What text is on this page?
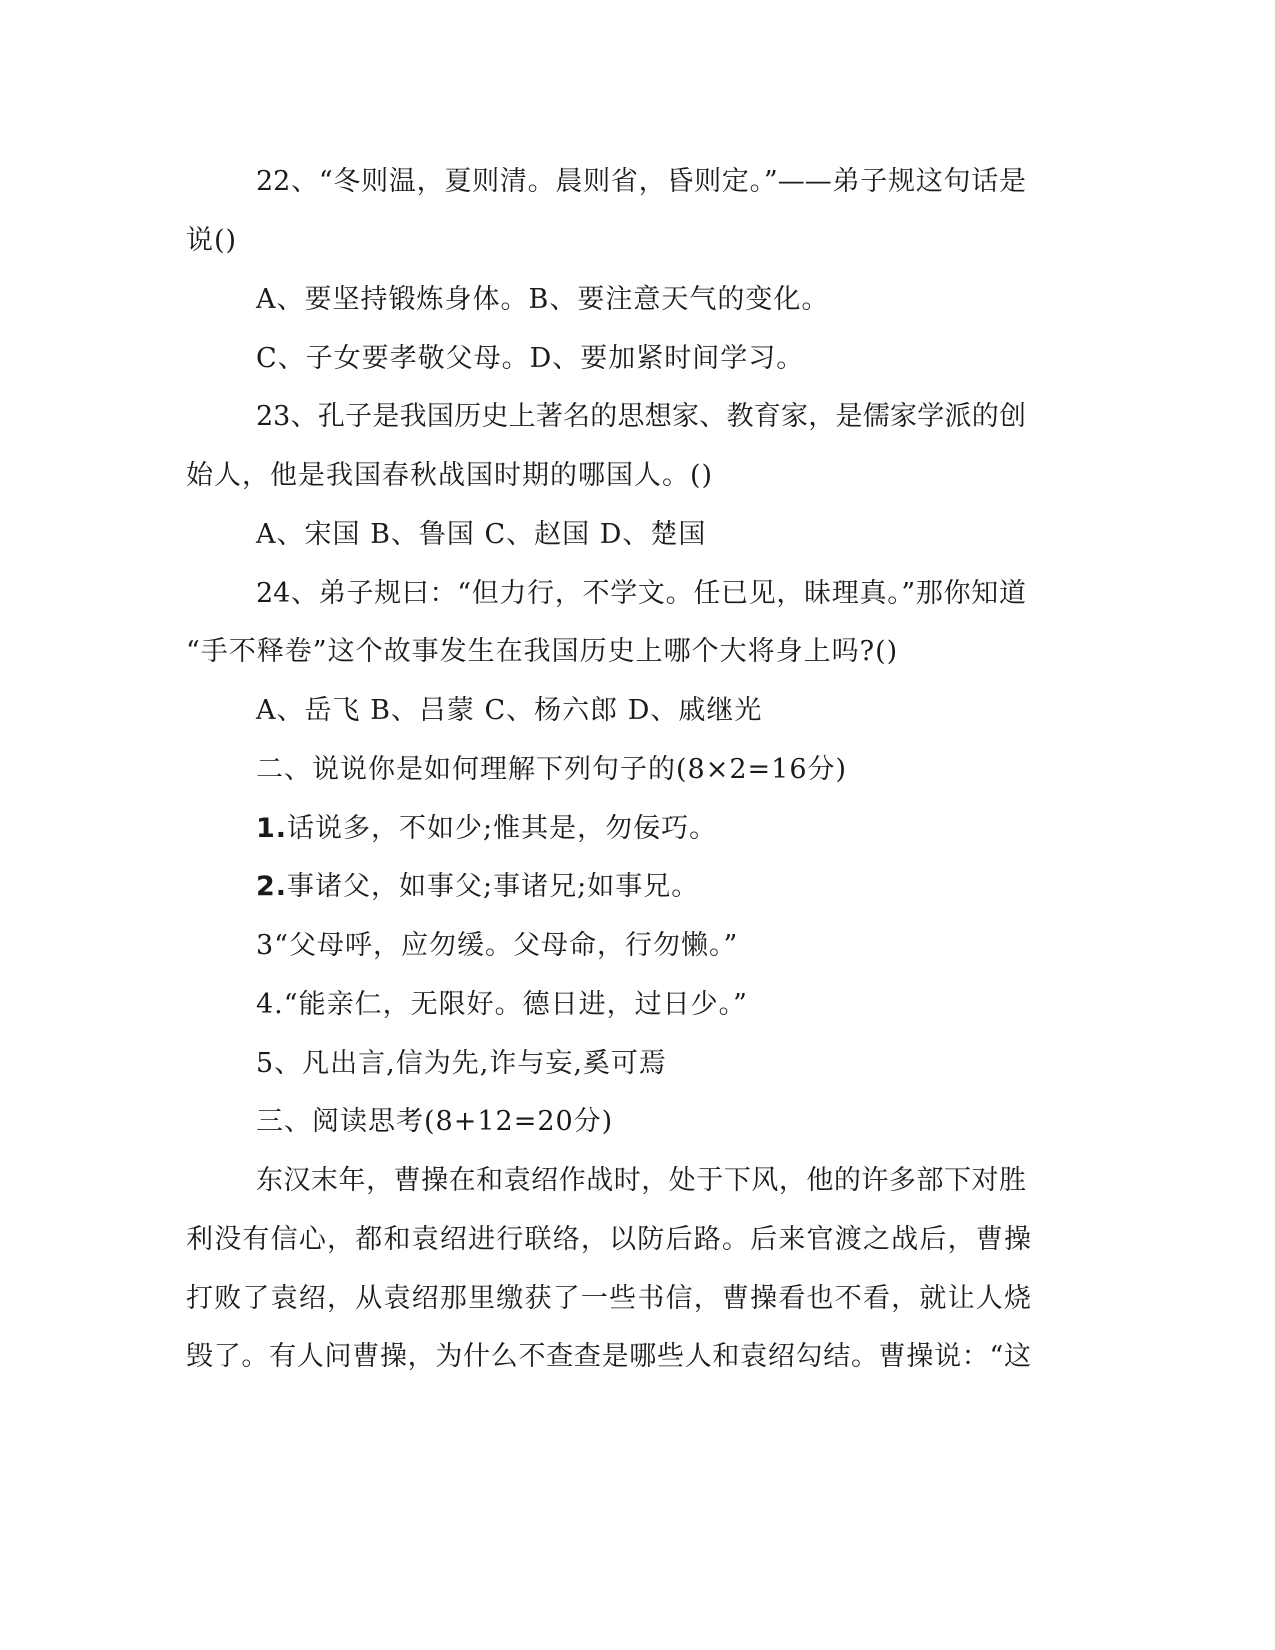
22、“冬则温，夏则清。晨则省，昏则定。”——弟子规这句话是
说()
A、要坚持锻炼身体。B、要注意天气的变化。
C、子女要孝敬父母。D、要加紧时间学习。
23、孔子是我国历史上著名的思想家、教育家，是儒家学派的创
始人，他是我国春秋战国时期的哪国人。()
A、宋国 B、鲁国 C、赵国 D、楚国
24、弟子规曰：“但力行，不学文。任已见，昧理真。”那你知道
“手不释卷”这个故事发生在我国历史上哪个大将身上吗?()
A、岳飞 B、吕蒙 C、杨六郎 D、戚继光
二、说说你是如何理解下列句子的(8×2=16分)
1.话说多，不如少;惟其是，勿佞巧。
2.事诸父，如事父;事诸兄;如事兄。
3“父母呼，应勿缓。父母命，行勿懒。”
4.“能亲仁，无限好。德日进，过日少。”
5、凡出言,信为先,诈与妄,奚可焉
三、阅读思考(8+12=20分)
东汉末年，曹操在和袁绍作战时，处于下风，他的许多部下对胜
利没有信心，都和袁绍进行联络，以防后路。后来官渡之战后，曹操
打败了袁绍，从袁绍那里缴获了一些书信，曹操看也不看，就让人烧
毁了。有人问曹操，为什么不查查是哪些人和袁绍勾结。曹操说：“这
